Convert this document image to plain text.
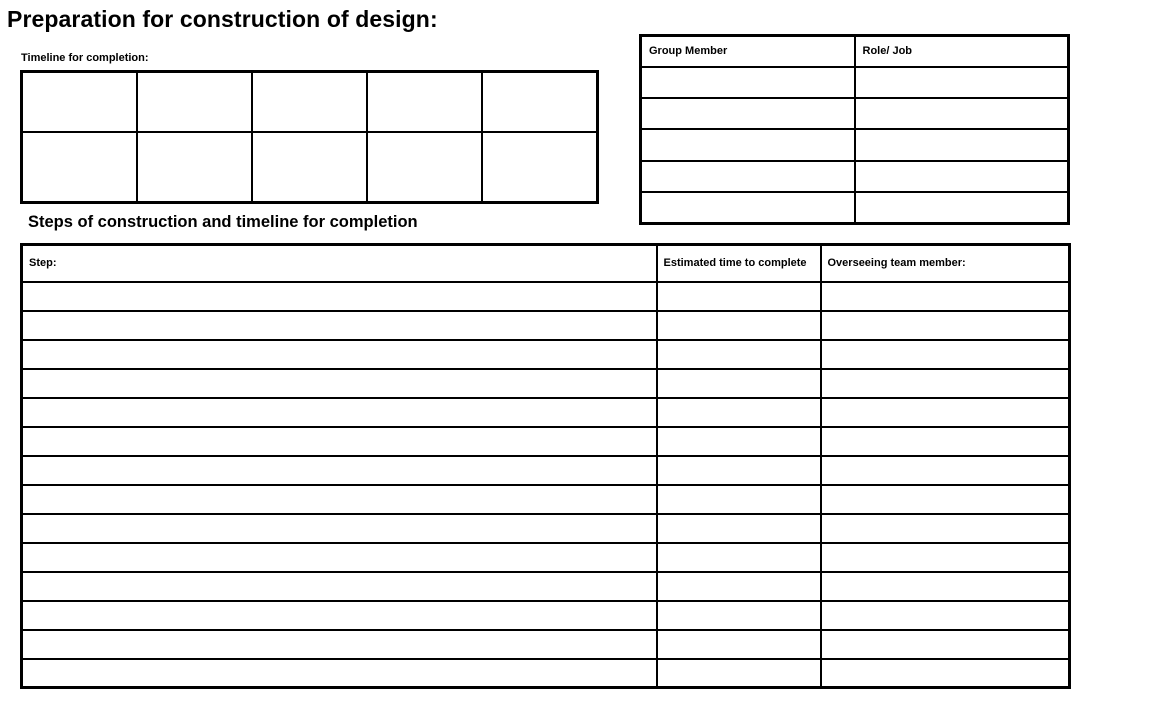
Preparation for construction of design:
Timeline for completion:

Group Member	Role/ Job

Steps of construction and timeline for completion
Step:	Estimated time to complete	Overseeing team member:
